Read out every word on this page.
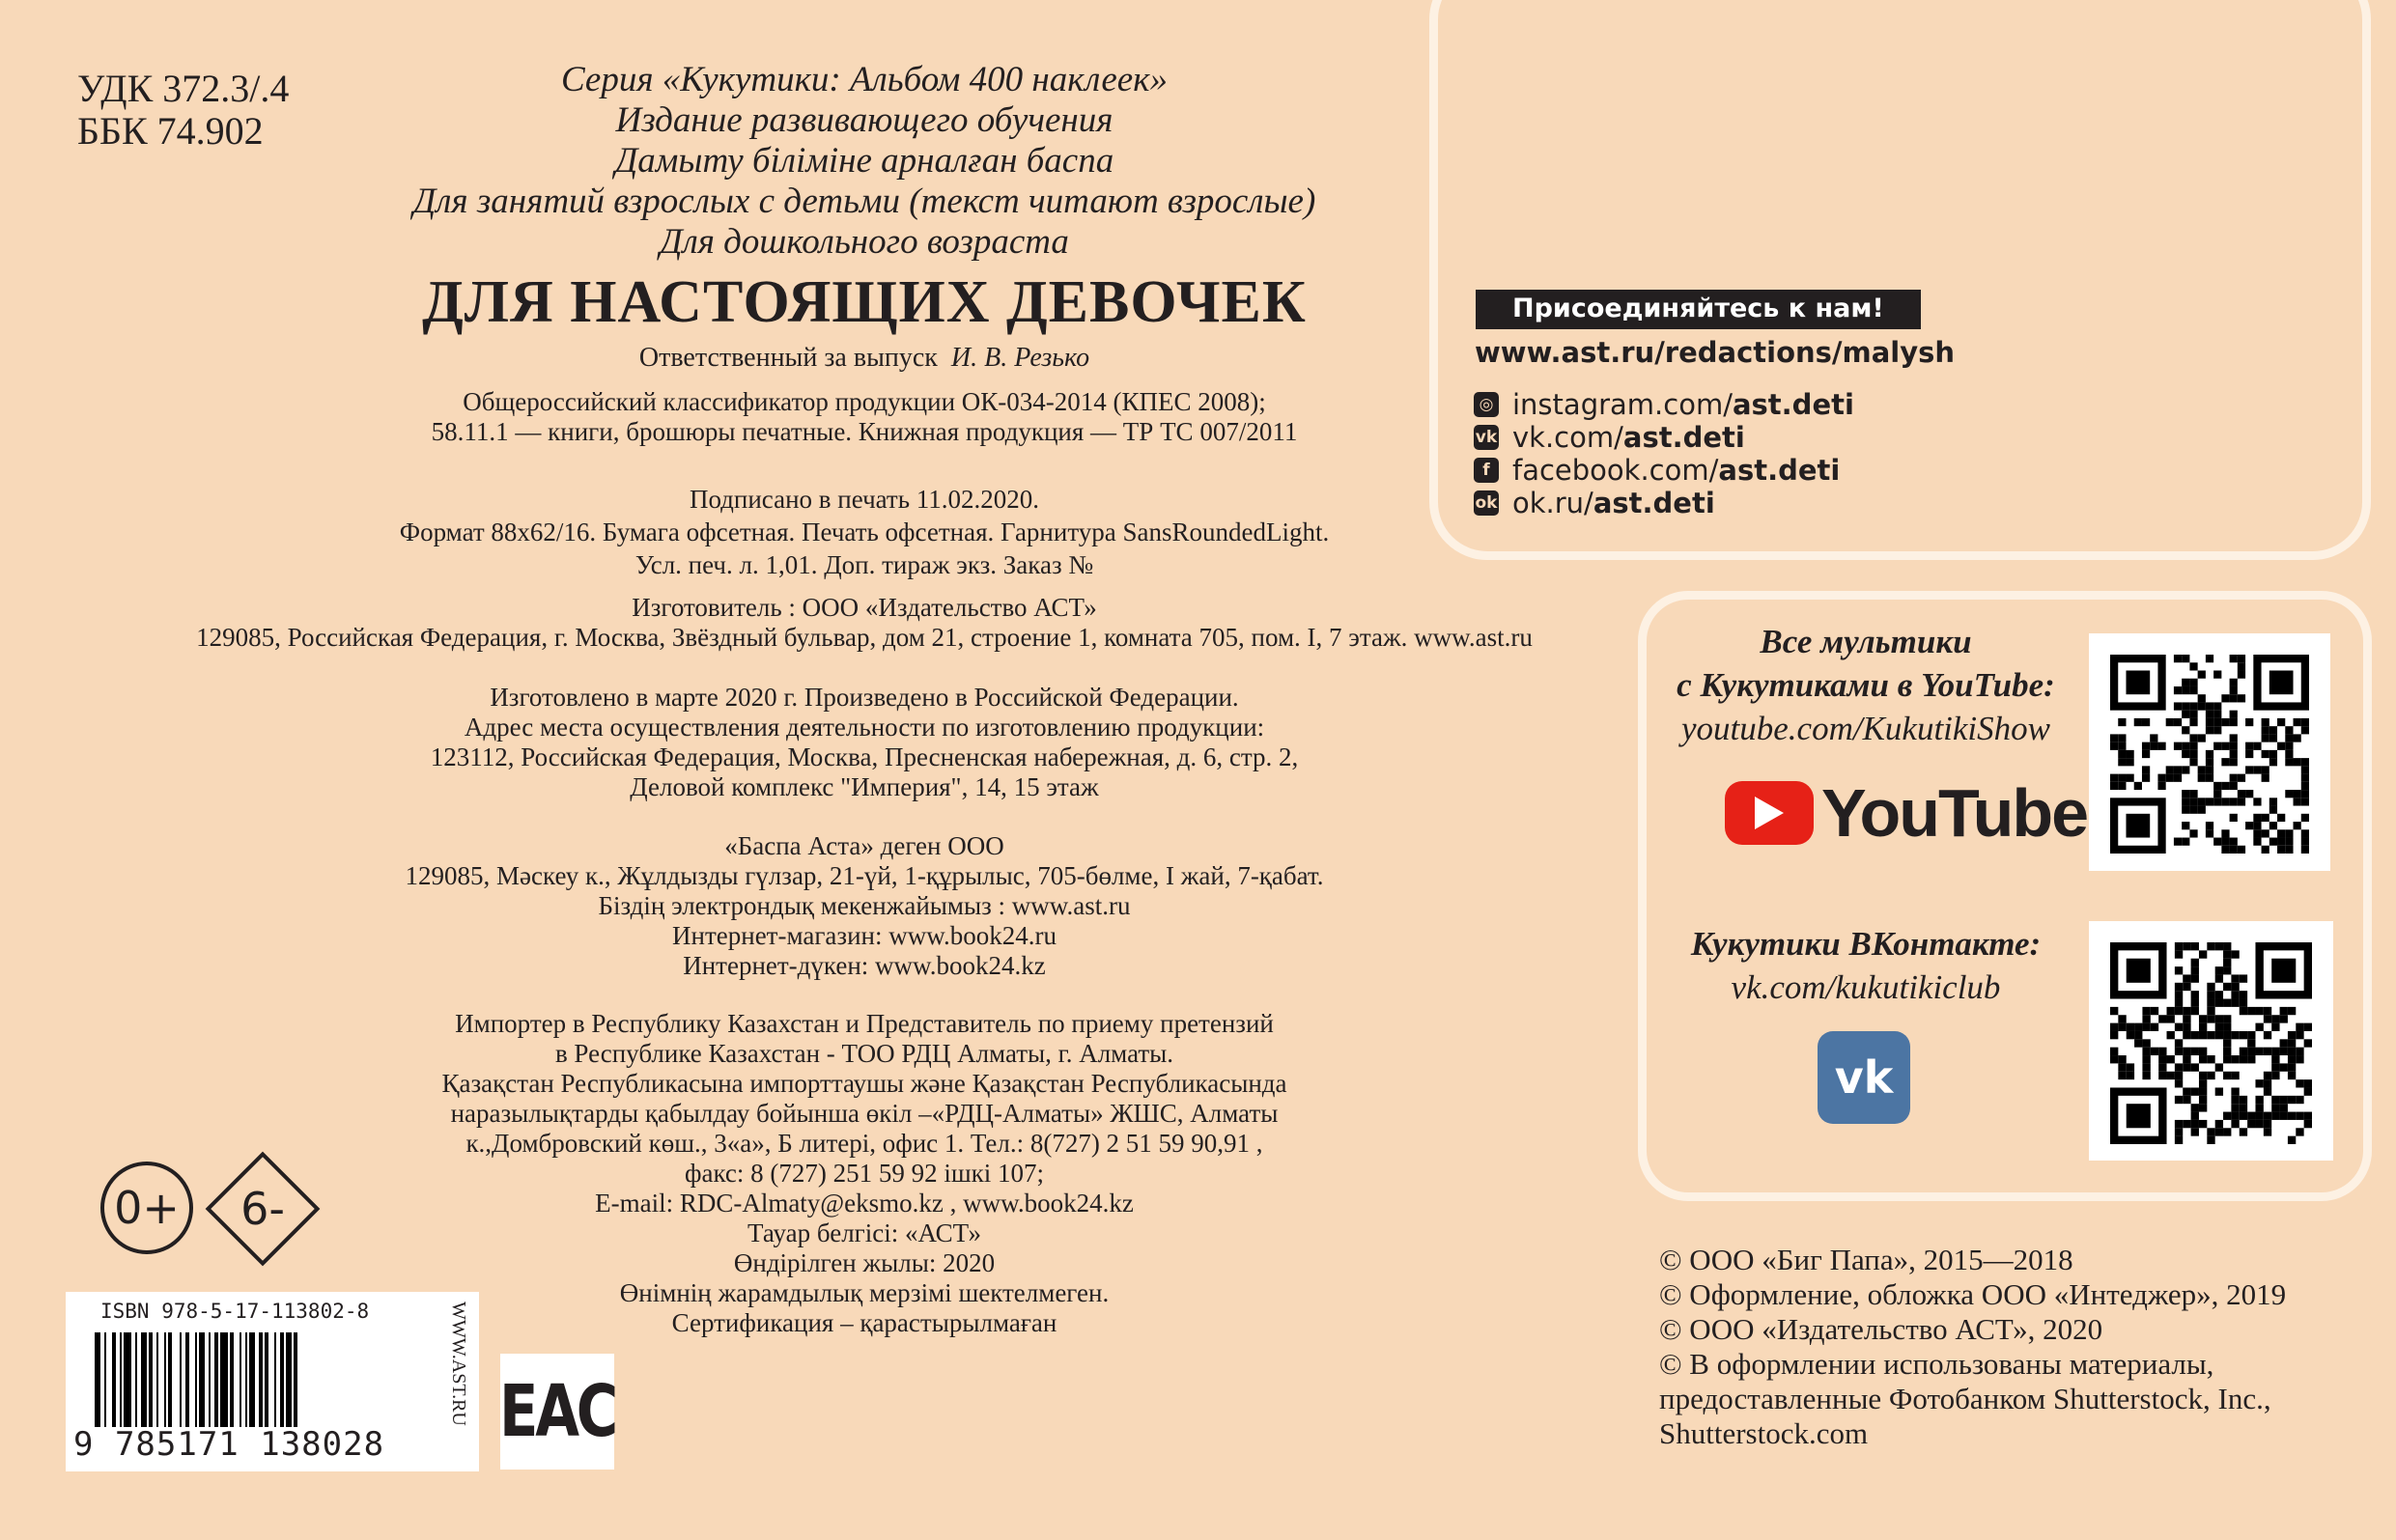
УДК 372.3/.4
ББК 74.902
Серия «Кукутики: Альбом 400 наклеек»
Издание развивающего обучения
Дамыту біліміне арналған баспа
Для занятий взрослых с детьми (текст читают взрослые)
Для дошкольного возраста
ДЛЯ НАСТОЯЩИХ ДЕВОЧЕК
Ответственный за выпуск И. В. Резько
Общероссийский классификатор продукции ОК-034-2014 (КПЕС 2008);
58.11.1 — книги, брошюры печатные. Книжная продукция — ТР ТС 007/2011
Подписано в печать 11.02.2020.
Формат 88х62/16. Бумага офсетная. Печать офсетная. Гарнитура SansRoundedLight.
Усл. печ. л. 1,01. Доп. тираж экз. Заказ №
Изготовитель : ООО «Издательство АСТ»
129085, Российская Федерация, г. Москва, Звёздный бульвар, дом 21, строение 1, комната 705, пом. I, 7 этаж. www.ast.ru
Изготовлено в марте 2020 г. Произведено в Российской Федерации.
Адрес места осуществления деятельности по изготовлению продукции:
123112, Российская Федерация, Москва, Пресненская набережная, д. 6, стр. 2,
Деловой комплекс "Империя", 14, 15 этаж
«Баспа Аста» деген ООО
129085, Мәскеу к., Жұлдызды гүлзар, 21-үй, 1-құрылыс, 705-бөлме, I жай, 7-қабат.
Біздің электрондық мекенжайымыз : www.ast.ru
Интернет-магазин: www.book24.ru
Интернет-дүкен: www.book24.kz
Импортер в Республику Казахстан и Представитель по приему претензий
в Республике Казахстан - ТОО РДЦ Алматы, г. Алматы.
Қазақстан Республикасына импорттаушы және Қазақстан Республикасында
наразылықтарды қабылдау бойынша өкіл –«РДЦ-Алматы» ЖШС, Алматы
к.,Домбровский көш., 3«а», Б литері, офис 1. Тел.: 8(727) 2 51 59 90,91 ,
факс: 8 (727) 251 59 92 ішкі 107;
E-mail: RDC-Almaty@eksmo.kz , www.book24.kz
Тауар белгісі: «АСТ»
Өндірілген жылы: 2020
Өнімнің жарамдылық мерзімі шектелмеген.
Сертификация – қарастырылмаған
0+	6-
ISBN 978-5-17-113802-8
9 785171 138028
WWW.AST.RU EAC
Присоединяйтесь к нам!
www.ast.ru/redactions/malysh
◎ instagram.com/ ast.deti
vk vk.com/ ast.deti
f facebook.com/ ast.deti
ok ok.ru/ ast.deti
Все мультики
с Кукутиками в YouTube:
youtube.com/KukutikiShow
YouTube
Кукутики ВКонтакте:
vk.com/kukutikiclub
vk
© ООО «Биг Папа», 2015—2018
© Оформление, обложка ООО «Интеджер», 2019
© ООО «Издательство АСТ», 2020
© В оформлении использованы материалы,
предоставленные Фотобанком Shutterstock, Inc.,
Shutterstock.com
